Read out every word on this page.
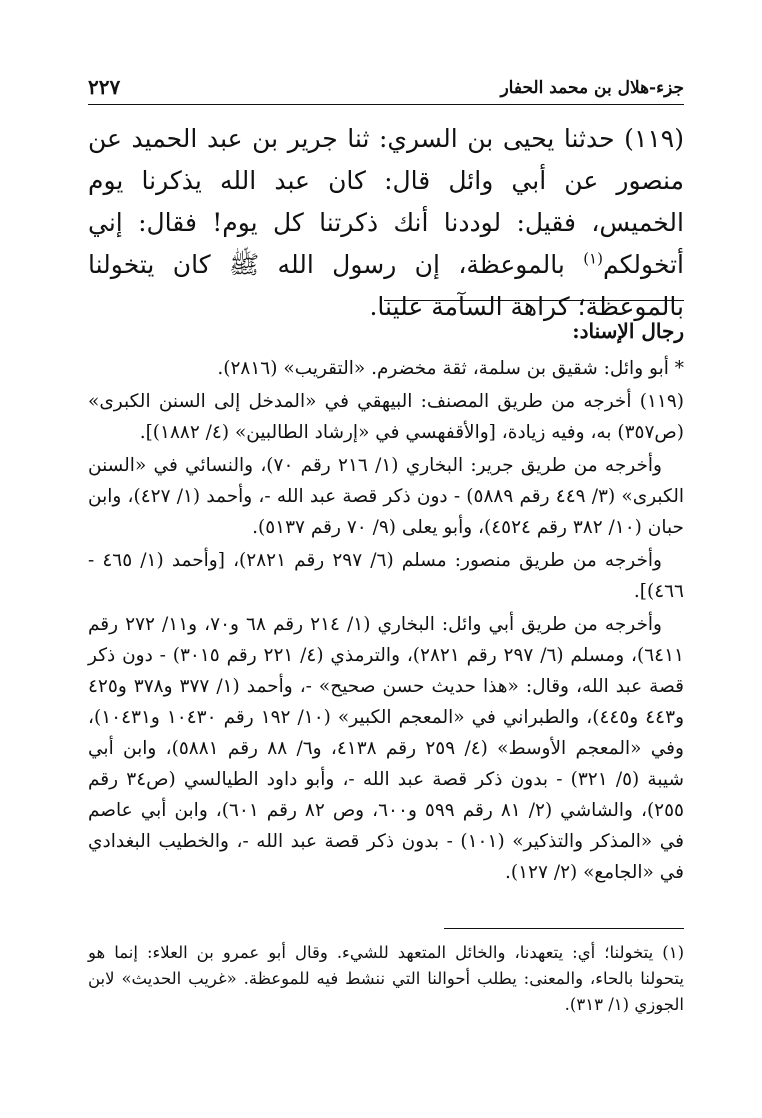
جزء-هلال بن محمد الحفار
٢٢٧
(١١٩) حدثنا يحيى بن السري: ثنا جرير بن عبد الحميد عن منصور عن أبي وائل قال: كان عبد الله يذكرنا يوم الخميس، فقيل: لوددنا أنك ذكرتنا كل يوم! فقال: إني أتخولكم$^{(١)}$ بالموعظة، إن رسول الله ﷺ كان يتخولنا بالموعظة؛ كراهة السآمة علينا.
رجال الإسناد:

* أبو وائل: شقيق بن سلمة، ثقة مخضرم. «التقريب» (٢٨١٦).

(١١٩) أخرجه من طريق المصنف: البيهقي في «المدخل إلى السنن الكبرى» (ص٣٥٧) به، وفيه زيادة، [والأقفهسي في «إرشاد الطالبين» (٤/ ١٨٨٢)].

وأخرجه من طريق جرير: البخاري (١/ ٢١٦ رقم ٧٠)، والنسائي في «السنن الكبرى» (٣/ ٤٤٩ رقم ٥٨٨٩) - دون ذكر قصة عبد الله -، وأحمد (١/ ٤٢٧)، وابن حبان (١٠/ ٣٨٢ رقم ٤٥٢٤)، وأبو يعلى (٩/ ٧٠ رقم ٥١٣٧).

وأخرجه من طريق منصور: مسلم (٦/ ٢٩٧ رقم ٢٨٢١)، [وأحمد (١/ ٤٦٥ - ٤٦٦)].

وأخرجه من طريق أبي وائل: البخاري (١/ ٢١٤ رقم ٦٨ و٧٠، و١١/ ٢٧٢ رقم ٦٤١١)، ومسلم (٦/ ٢٩٧ رقم ٢٨٢١)، والترمذي (٤/ ٢٢١ رقم ٣٠١٥) - دون ذكر قصة عبد الله، وقال: «هذا حديث حسن صحيح» -، وأحمد (١/ ٣٧٧ و٣٧٨ و٤٢٥ و٤٤٣ و٤٤٥)، والطبراني في «المعجم الكبير» (١٠/ ١٩٢ رقم ١٠٤٣٠ و١٠٤٣١)، وفي «المعجم الأوسط» (٤/ ٢٥٩ رقم ٤١٣٨، و٦/ ٨٨ رقم ٥٨٨١)، وابن أبي شيبة (٥/ ٣٢١) - بدون ذكر قصة عبد الله -، وأبو داود الطيالسي (ص٣٤ رقم ٢٥٥)، والشاشي (٢/ ٨١ رقم ٥٩٩ و٦٠٠، وص ٨٢ رقم ٦٠١)، وابن أبي عاصم في «المذكر والتذكير» (١٠١) - بدون ذكر قصة عبد الله -، والخطيب البغدادي في «الجامع» (٢/ ١٢٧).

(١) يتخولنا؛ أي: يتعهدنا، والخائل المتعهد للشيء. وقال أبو عمرو بن العلاء: إنما هو يتحولنا بالحاء، والمعنى: يطلب أحوالنا التي ننشط فيه للموعظة. «غريب الحديث» لابن الجوزي (١/ ٣١٣).
